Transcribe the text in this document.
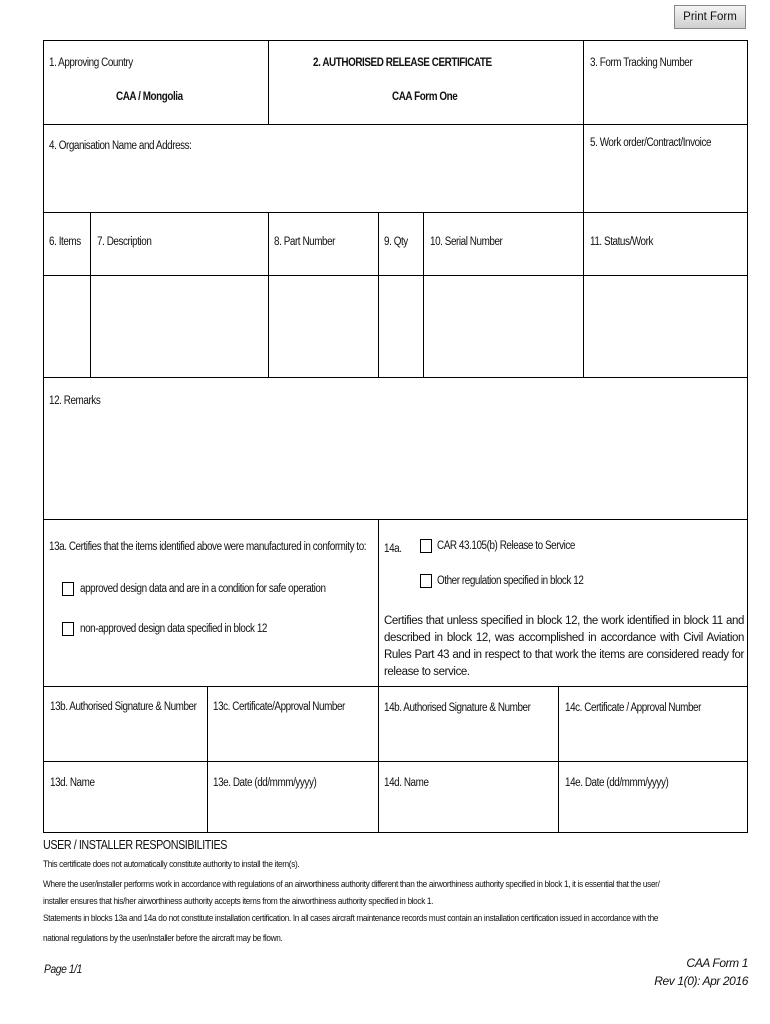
Print Form
1. Approving Country
CAA / Mongolia
2. AUTHORISED RELEASE CERTIFICATE
CAA Form One
3. Form Tracking Number
4. Organisation Name and Address:	5. Work order/Contract/Invoice
6. Items 7. Description	8. Part Number	9. Qty 10. Serial Number	11. Status/Work
12. Remarks
13a. Certifies that the items identified above were manufactured in conformity to:
approved design data and are in a condition for safe operation
non-approved design data specified in block 12
14a.	CAR 43.105(b) Release to Service
Other regulation specified in block 12
Certifies that unless specified in block 12, the work identified in block 11 and described in block 12, was accomplished in accordance with Civil Aviation Rules Part 43 and in respect to that work the items are considered ready for release to service.
13b. Authorised Signature & Number 13c. Certificate/Approval Number	14b. Authorised Signature & Number	14c. Certificate / Approval Number
13d. Name	13e. Date (dd/mmm/yyyy)	14d. Name	14e. Date (dd/mmm/yyyy)
USER / INSTALLER RESPONSIBILITIES
This certificate does not automatically constitute authority to install the item(s).
Where the user/installer performs work in accordance with regulations of an airworthiness authority different than the airworthiness authority specified in block 1, it is essential that the user/
installer ensures that his/her airworthiness authority accepts items from the airworthiness authority specified in block 1.
Statements in blocks 13a and 14a do not constitute installation certification. In all cases aircraft maintenance records must contain an installation certification issued in accordance with the
national regulations by the user/installer before the aircraft may be flown.
Page 1/1	CAA Form 1
Rev 1(0): Apr 2016
